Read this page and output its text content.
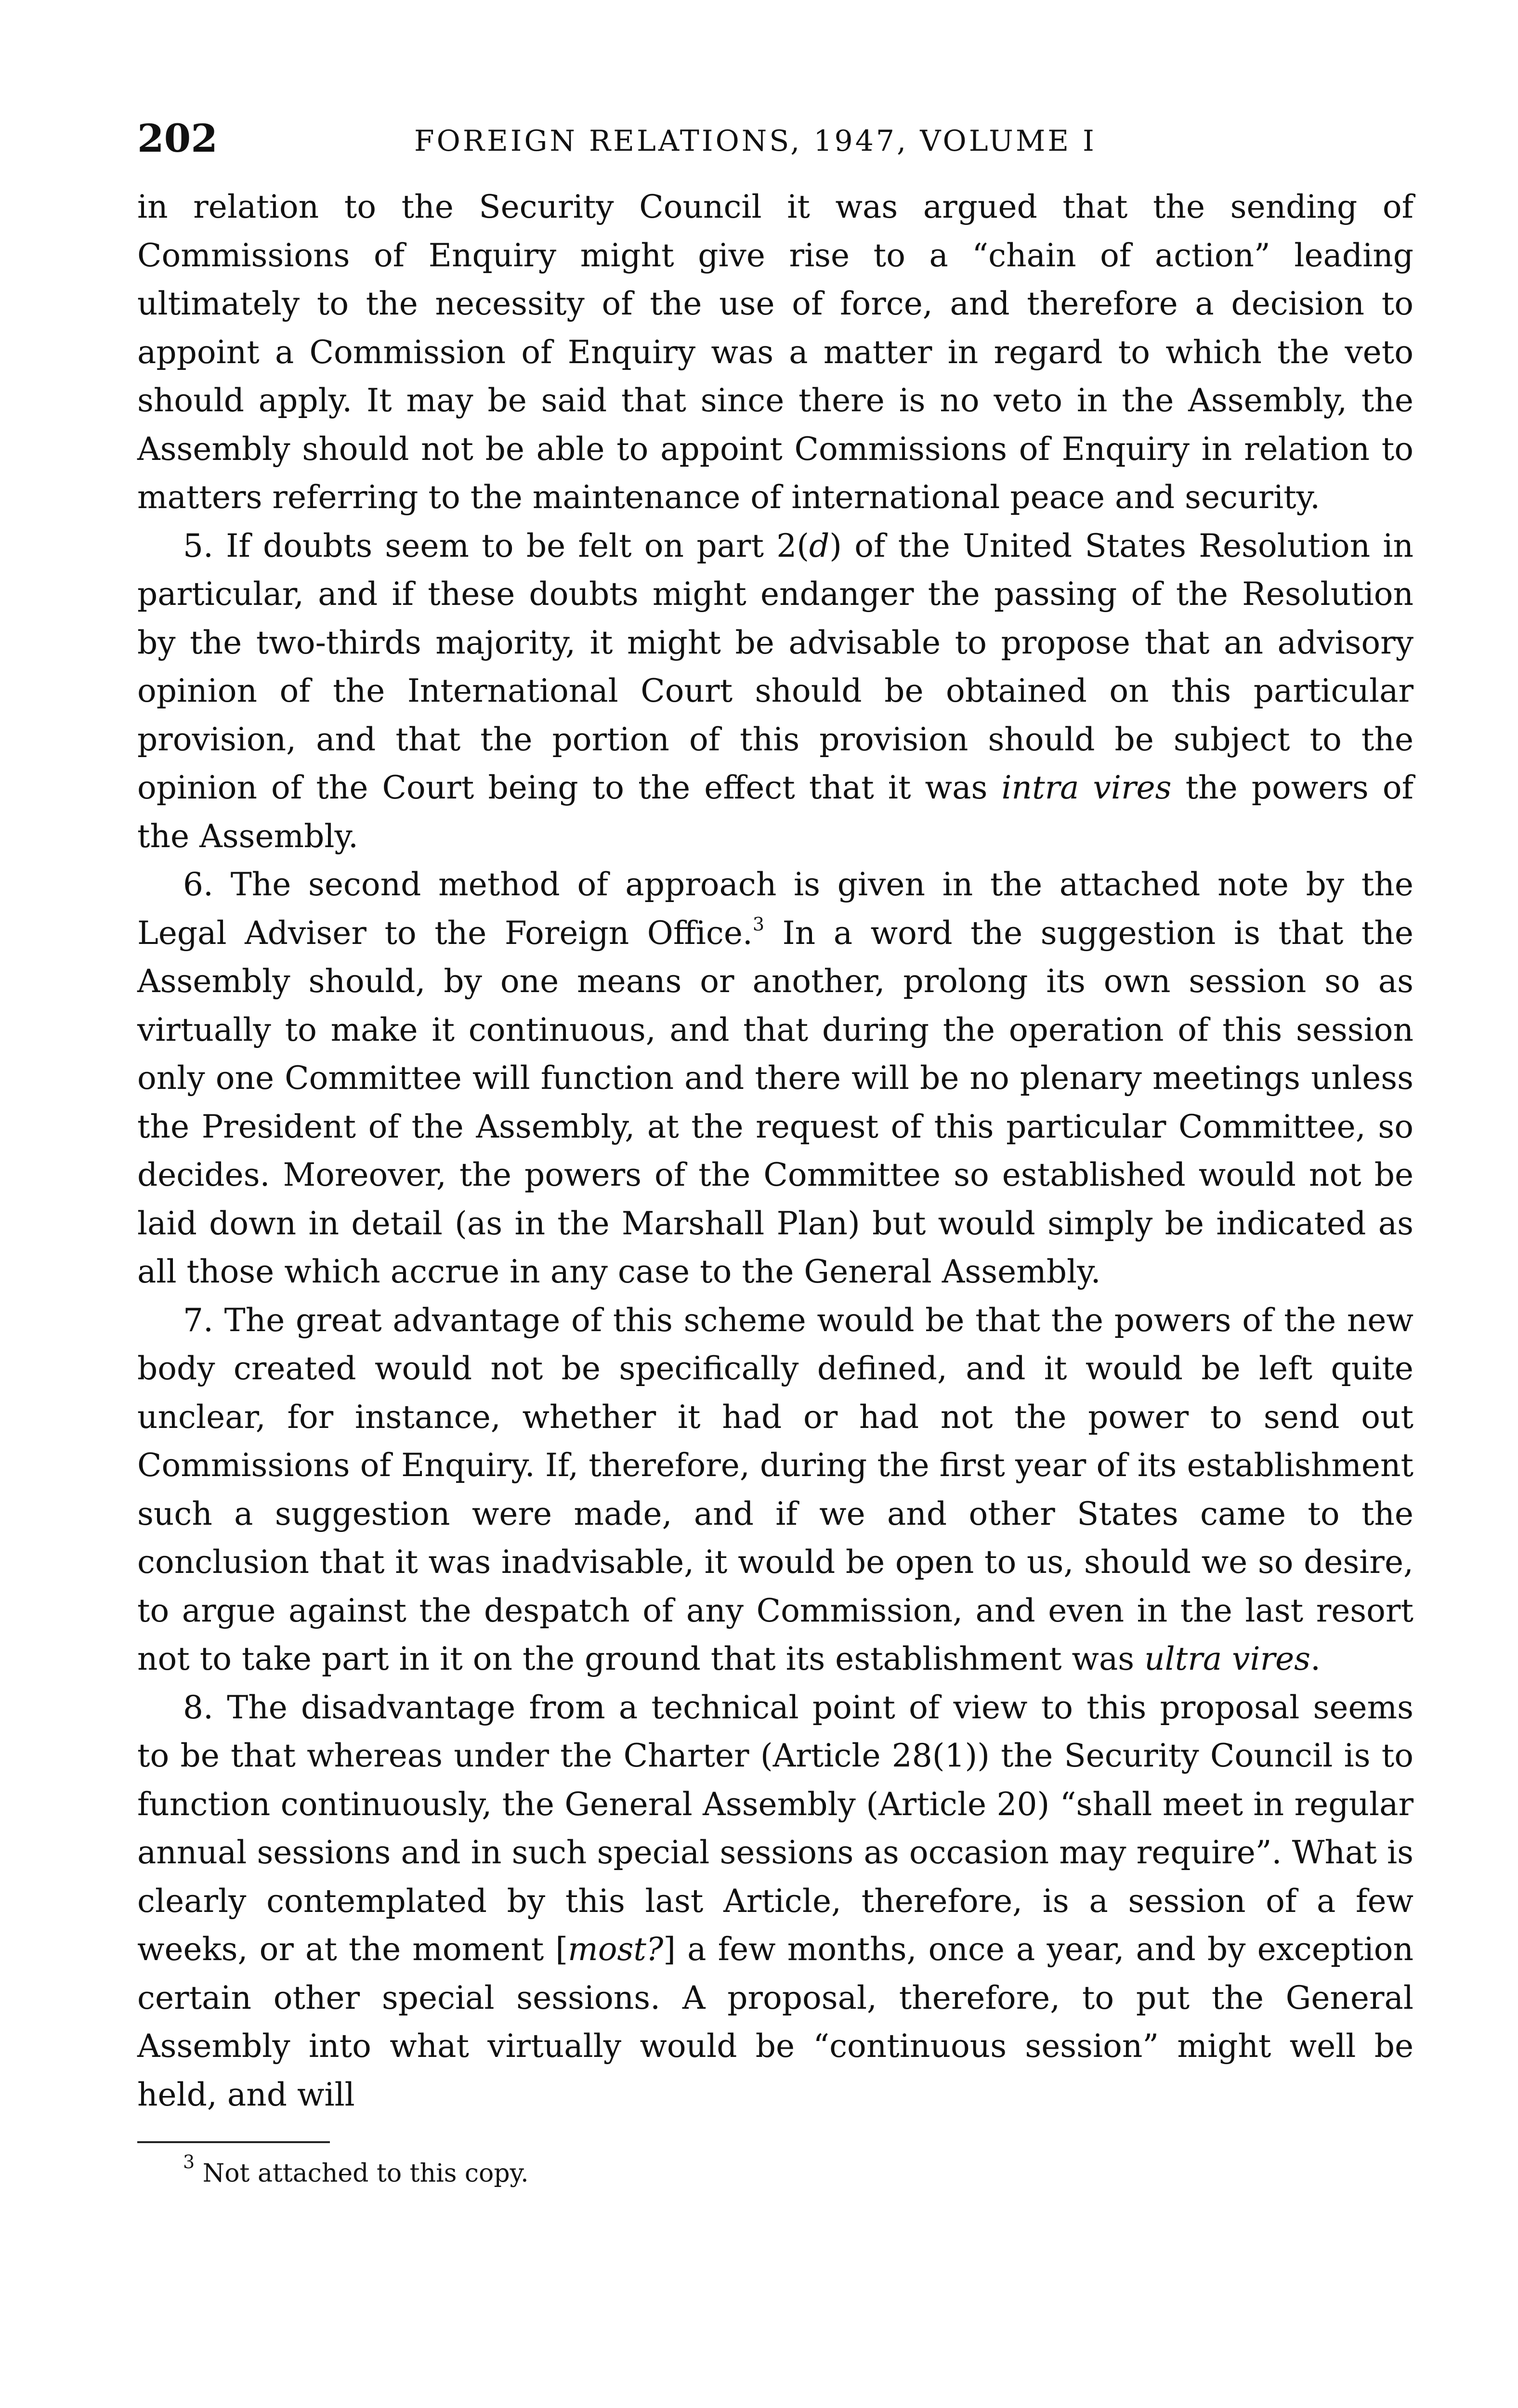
202	FOREIGN RELATIONS, 1947, VOLUME I

in relation to the Security Council it was argued that the sending of Commissions of Enquiry might give rise to a “chain of action” leading ultimately to the necessity of the use of force, and therefore a decision to appoint a Commission of Enquiry was a matter in regard to which the veto should apply. It may be said that since there is no veto in the Assembly, the Assembly should not be able to appoint Commissions of Enquiry in relation to matters referring to the maintenance of international peace and security.

5. If doubts seem to be felt on part 2(d) of the United States Resolution in particular, and if these doubts might endanger the passing of the Resolution by the two-thirds majority, it might be advisable to propose that an advisory opinion of the International Court should be obtained on this particular provision, and that the portion of this provision should be subject to the opinion of the Court being to the effect that it was intra vires the powers of the Assembly.

6. The second method of approach is given in the attached note by the Legal Adviser to the Foreign Office.$^3$ In a word the suggestion is that the Assembly should, by one means or another, prolong its own session so as virtually to make it continuous, and that during the operation of this session only one Committee will function and there will be no plenary meetings unless the President of the Assembly, at the request of this particular Committee, so decides. Moreover, the powers of the Committee so established would not be laid down in detail (as in the Marshall Plan) but would simply be indicated as all those which accrue in any case to the General Assembly.

7. The great advantage of this scheme would be that the powers of the new body created would not be specifically defined, and it would be left quite unclear, for instance, whether it had or had not the power to send out Commissions of Enquiry. If, therefore, during the first year of its establishment such a suggestion were made, and if we and other States came to the conclusion that it was inadvisable, it would be open to us, should we so desire, to argue against the despatch of any Commission, and even in the last resort not to take part in it on the ground that its establishment was ultra vires.

8. The disadvantage from a technical point of view to this proposal seems to be that whereas under the Charter (Article 28(1)) the Security Council is to function continuously, the General Assembly (Article 20) “shall meet in regular annual sessions and in such special sessions as occasion may require”. What is clearly contemplated by this last Article, therefore, is a session of a few weeks, or at the moment [most?] a few months, once a year, and by exception certain other special sessions. A proposal, therefore, to put the General Assembly into what virtually would be “continuous session” might well be held, and will

$^3$ Not attached to this copy.
